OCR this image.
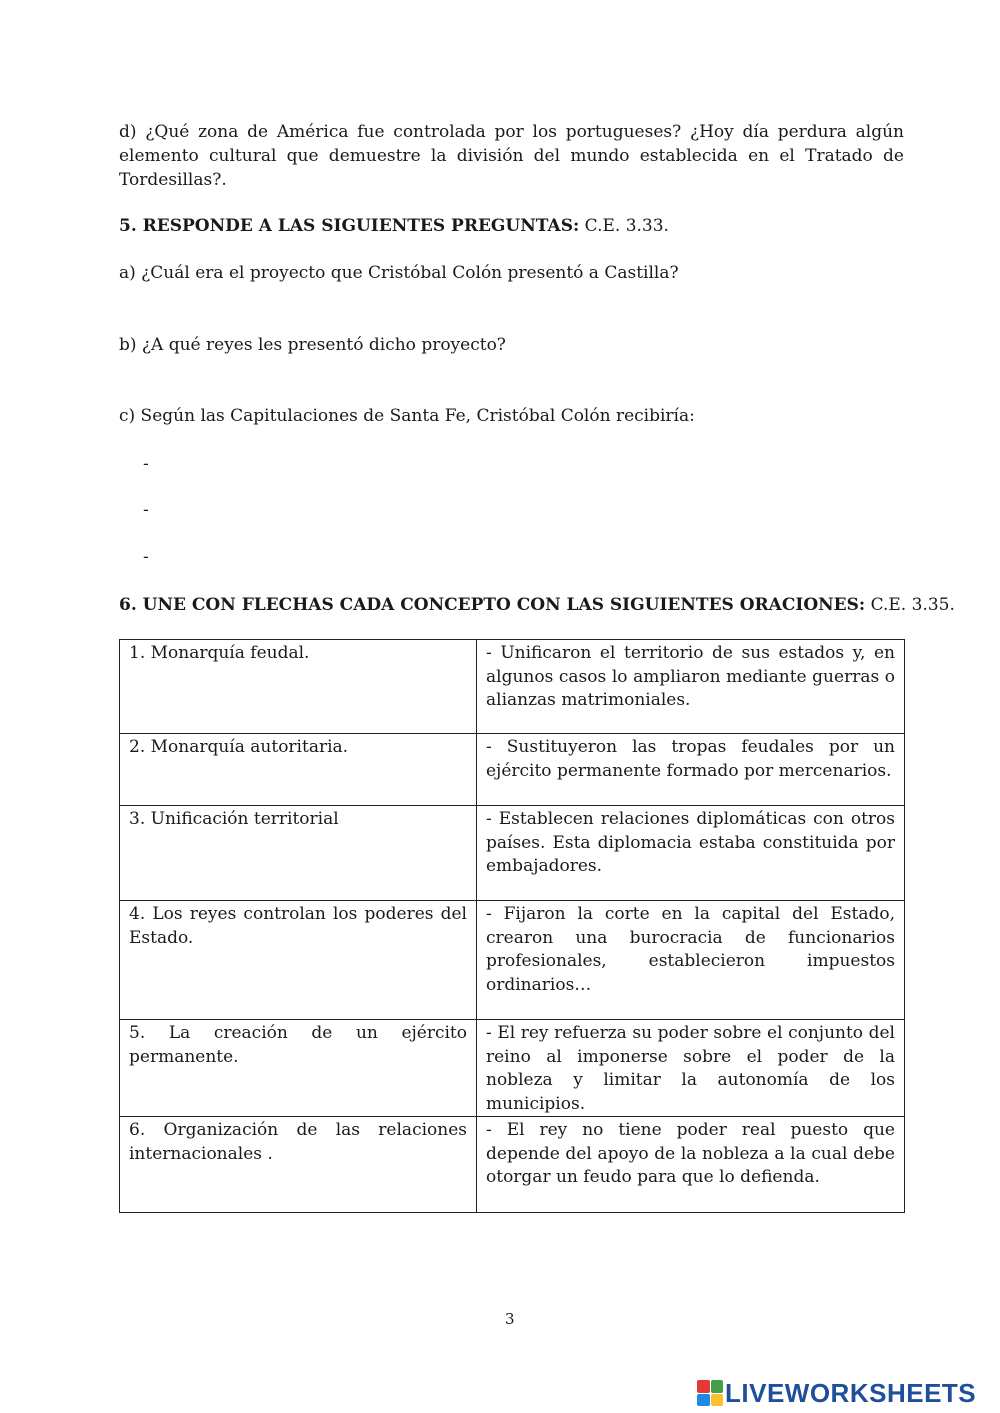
d) ¿Qué zona de América fue controlada por los portugueses? ¿Hoy día perdura algún elemento cultural que demuestre la división del mundo establecida en el Tratado de Tordesillas?.
5. RESPONDE A LAS SIGUIENTES PREGUNTAS: C.E. 3.33.
a) ¿Cuál era el proyecto que Cristóbal Colón presentó a Castilla?
b) ¿A qué reyes les presentó dicho proyecto?
c) Según las Capitulaciones de Santa Fe, Cristóbal Colón recibiría:
-
-
-
6. UNE CON FLECHAS CADA CONCEPTO CON LAS SIGUIENTES ORACIONES: C.E. 3.35.
1. Monarquía feudal.	- Unificaron el territorio de sus estados y, en algunos casos lo ampliaron mediante guerras o alianzas matrimoniales.
2. Monarquía autoritaria.	- Sustituyeron las tropas feudales por un ejército permanente formado por mercenarios.
3. Unificación territorial	- Establecen relaciones diplomáticas con otros países. Esta diplomacia estaba constituida por embajadores.
4. Los reyes controlan los poderes del Estado.	- Fijaron la corte en la capital del Estado, crearon una burocracia de funcionarios profesionales, establecieron impuestos ordinarios…
5. La creación de un ejército permanente.	- El rey refuerza su poder sobre el conjunto del reino al imponerse sobre el poder de la nobleza y limitar la autonomía de los municipios.
6. Organización de las relaciones internacionales .	- El rey no tiene poder real puesto que depende del apoyo de la nobleza a la cual debe otorgar un feudo para que lo defienda.
3
LIVEWORKSHEETS
